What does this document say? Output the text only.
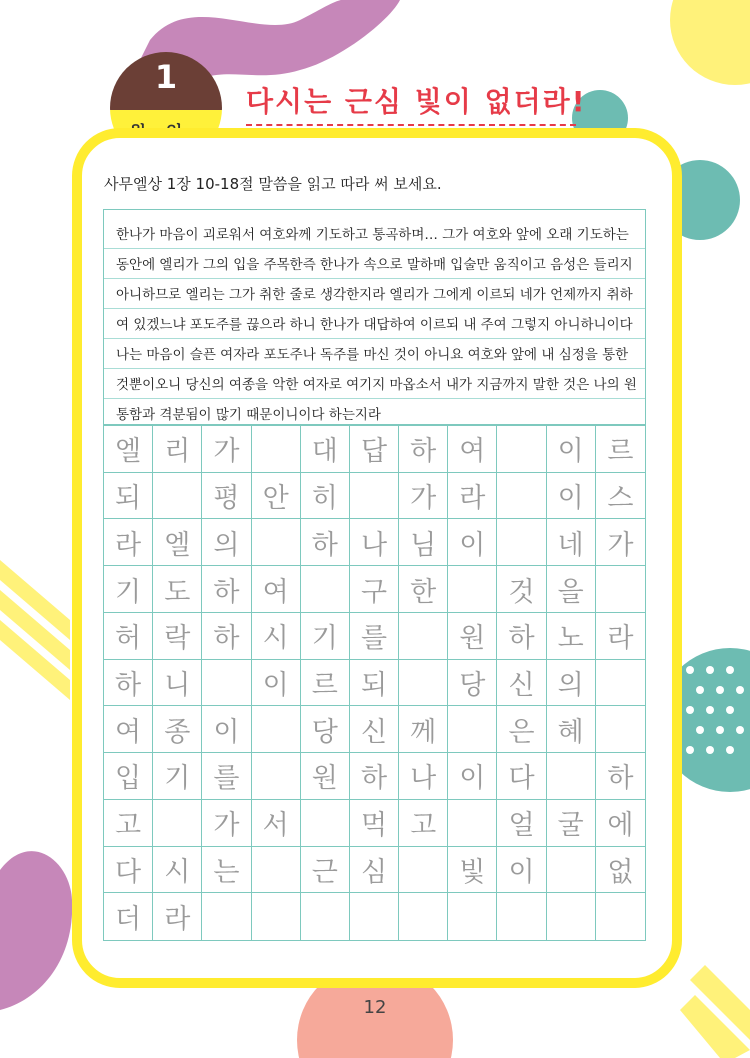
1
다시는 근심 빛이 없더라!
사무엘상 1장 10-18절 말씀을 읽고 따라 써 보세요.
한나가 마음이 괴로워서 여호와께 기도하고 통곡하며… 그가 여호와 앞에 오래 기도하는
동안에 엘리가 그의 입을 주목한즉 한나가 속으로 말하매 입술만 움직이고 음성은 들리지
아니하므로 엘리는 그가 취한 줄로 생각한지라 엘리가 그에게 이르되 네가 언제까지 취하
여 있겠느냐 포도주를 끊으라 하니 한나가 대답하여 이르되 내 주여 그렇지 아니하니이다
나는 마음이 슬픈 여자라 포도주나 독주를 마신 것이 아니요 여호와 앞에 내 심정을 통한
것뿐이오니 당신의 여종을 악한 여자로 여기지 마옵소서 내가 지금까지 말한 것은 나의 원
통함과 격분됨이 많기 때문이니이다 하는지라
엘 리 가	대 답 하 여	이 르
되	평 안 히	가 라	이 스
라 엘 의	하 나 님 이	네 가
기 도 하 여	구 한	것 을
허 락 하 시 기 를	원 하 노 라
하 니	이 르 되	당 신 의
여 종 이	당 신 께	은 혜
입 기 를	원 하 나 이 다	하
고	가 서	먹 고	얼 굴 에
다 시 는	근 심	빛 이	없
더 라
12
